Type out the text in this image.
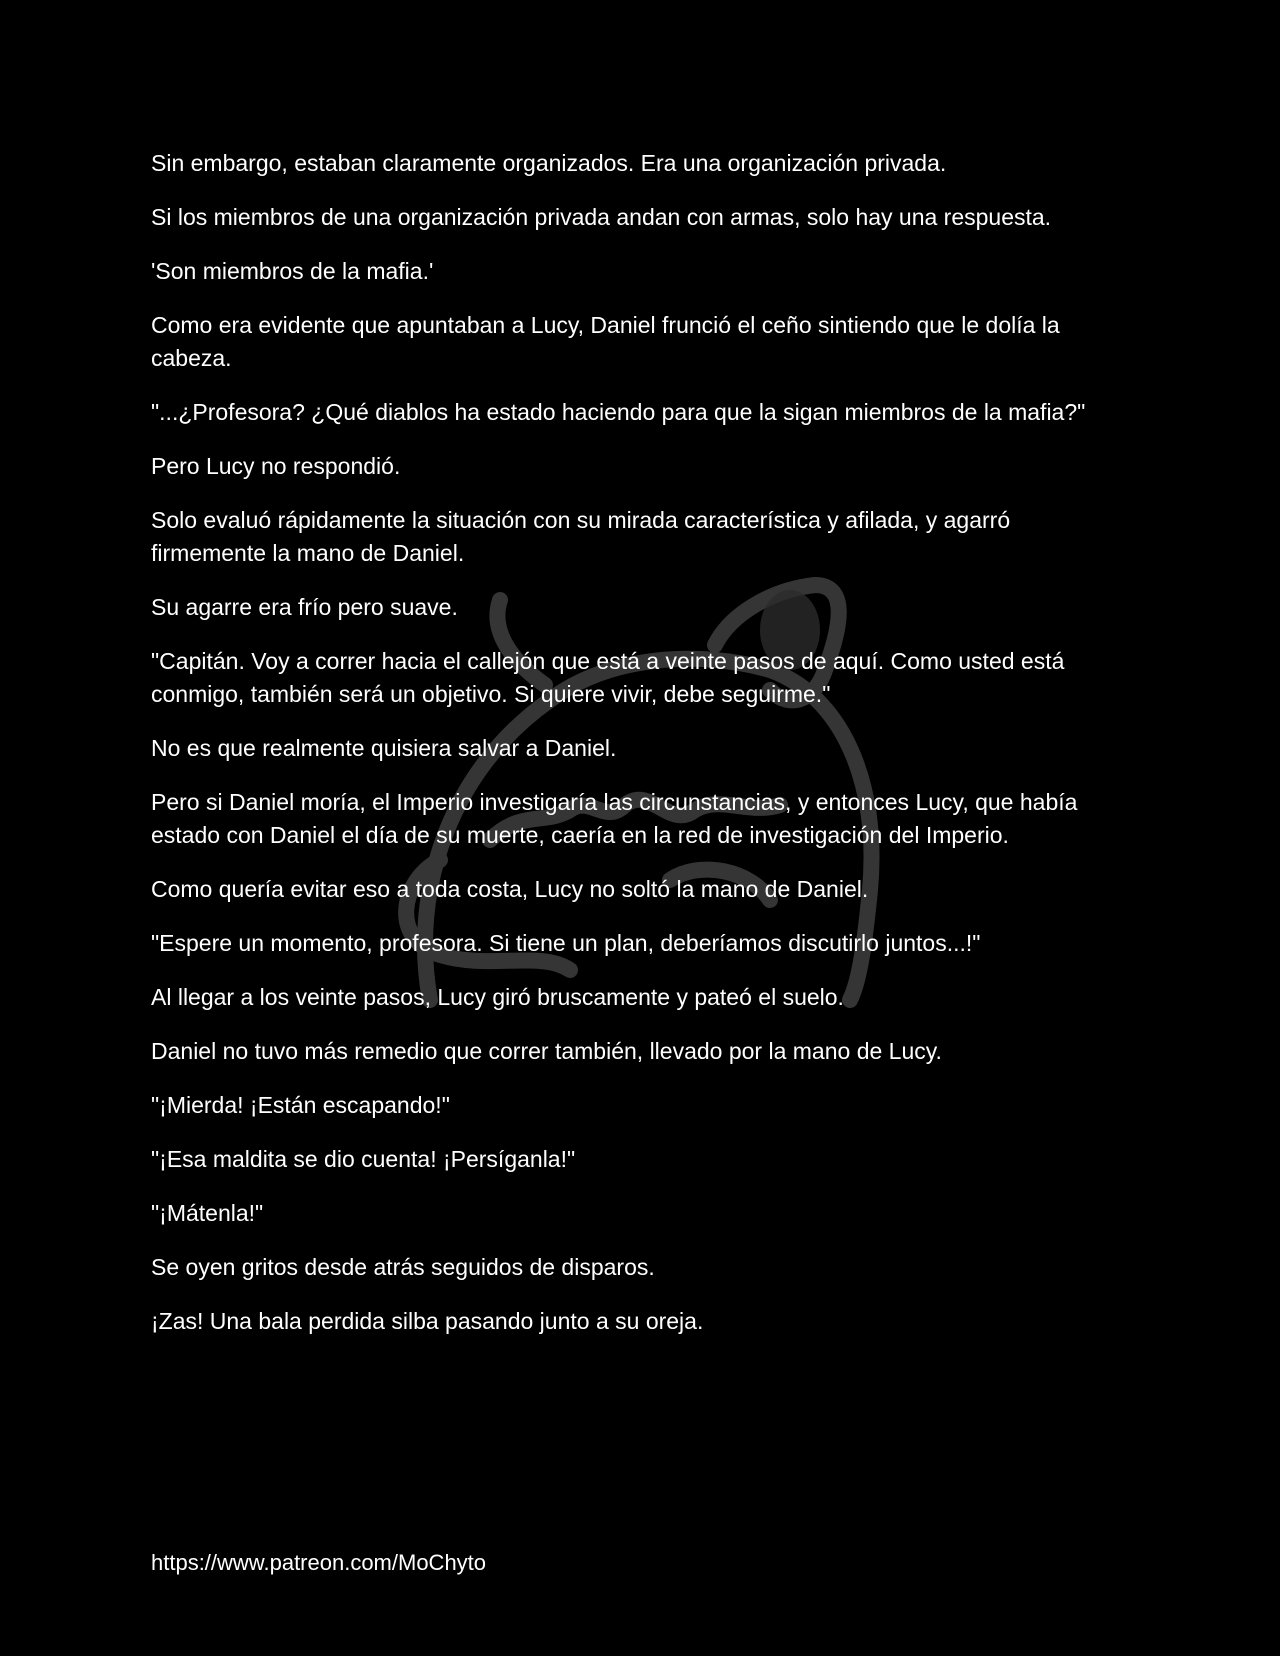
Sin embargo, estaban claramente organizados. Era una organización privada.

Si los miembros de una organización privada andan con armas, solo hay una respuesta.

'Son miembros de la mafia.'

Como era evidente que apuntaban a Lucy, Daniel frunció el ceño sintiendo que le dolía la cabeza.

"...¿Profesora? ¿Qué diablos ha estado haciendo para que la sigan miembros de la mafia?"

Pero Lucy no respondió.

Solo evaluó rápidamente la situación con su mirada característica y afilada, y agarró firmemente la mano de Daniel.

Su agarre era frío pero suave.

"Capitán. Voy a correr hacia el callejón que está a veinte pasos de aquí. Como usted está conmigo, también será un objetivo. Si quiere vivir, debe seguirme."

No es que realmente quisiera salvar a Daniel.

Pero si Daniel moría, el Imperio investigaría las circunstancias, y entonces Lucy, que había estado con Daniel el día de su muerte, caería en la red de investigación del Imperio.

Como quería evitar eso a toda costa, Lucy no soltó la mano de Daniel.

"Espere un momento, profesora. Si tiene un plan, deberíamos discutirlo juntos...!"

Al llegar a los veinte pasos, Lucy giró bruscamente y pateó el suelo.

Daniel no tuvo más remedio que correr también, llevado por la mano de Lucy.

"¡Mierda! ¡Están escapando!"

"¡Esa maldita se dio cuenta! ¡Persíganla!"

"¡Mátenla!"

Se oyen gritos desde atrás seguidos de disparos.

¡Zas! Una bala perdida silba pasando junto a su oreja.

https://www.patreon.com/MoChyto
